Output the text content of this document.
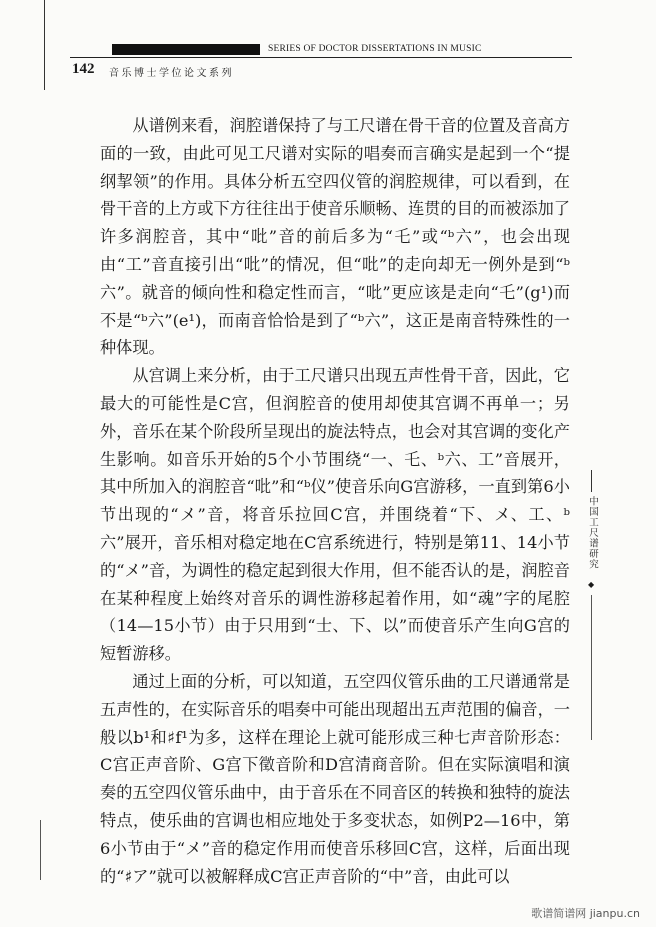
SERIES OF DOCTOR DISSERTATIONS IN MUSIC
142 音乐博士学位论文系列

从谱例来看，润腔谱保持了与工尺谱在骨干音的位置及音高方面的一致，由此可见工尺谱对实际的唱奏而言确实是起到一个“提纲挈领”的作用。具体分析五空四仪管的润腔规律，可以看到，在骨干音的上方或下方往往出于使音乐顺畅、连贯的目的而被添加了许多润腔音，其中“吡”音的前后多为“乇”或“ᵇ六”，也会出现由“工”音直接引出“吡”的情况，但“吡”的走向却无一例外是到“ᵇ六”。就音的倾向性和稳定性而言，“吡”更应该是走向“乇”(g¹)而不是“ᵇ六”(e¹)，而南音恰恰是到了“ᵇ六”，这正是南音特殊性的一种体现。

从宫调上来分析，由于工尺谱只出现五声性骨干音，因此，它最大的可能性是C宫，但润腔音的使用却使其宫调不再单一；另外，音乐在某个阶段所呈现出的旋法特点，也会对其宫调的变化产生影响。如音乐开始的5个小节围绕“一、乇、ᵇ六、工”音展开，其中所加入的润腔音“吡”和“ᵇ仪”使音乐向G宫游移，一直到第6小节出现的“メ”音，将音乐拉回C宫，并围绕着“下、メ、工、ᵇ六”展开，音乐相对稳定地在C宫系统进行，特别是第11、14小节的“メ”音，为调性的稳定起到很大作用，但不能否认的是，润腔音在某种程度上始终对音乐的调性游移起着作用，如“魂”字的尾腔（14—15小节）由于只用到“士、下、以”而使音乐产生向G宫的短暂游移。

通过上面的分析，可以知道，五空四仪管乐曲的工尺谱通常是五声性的，在实际音乐的唱奏中可能出现超出五声范围的偏音，一般以b¹和♯f¹为多，这样在理论上就可能形成三种七声音阶形态：C宫正声音阶、G宫下徵音阶和D宫清商音阶。但在实际演唱和演奏的五空四仪管乐曲中，由于音乐在不同音区的转换和独特的旋法特点，使乐曲的宫调也相应地处于多变状态，如例P2—16中，第6小节由于“メ”音的稳定作用而使音乐移回C宫，这样，后面出现的“♯ア”就可以被解释成C宫正声音阶的“中”音，由此可以

中国工尺谱研究
◆
歌谱简谱网 jianpu.cn
